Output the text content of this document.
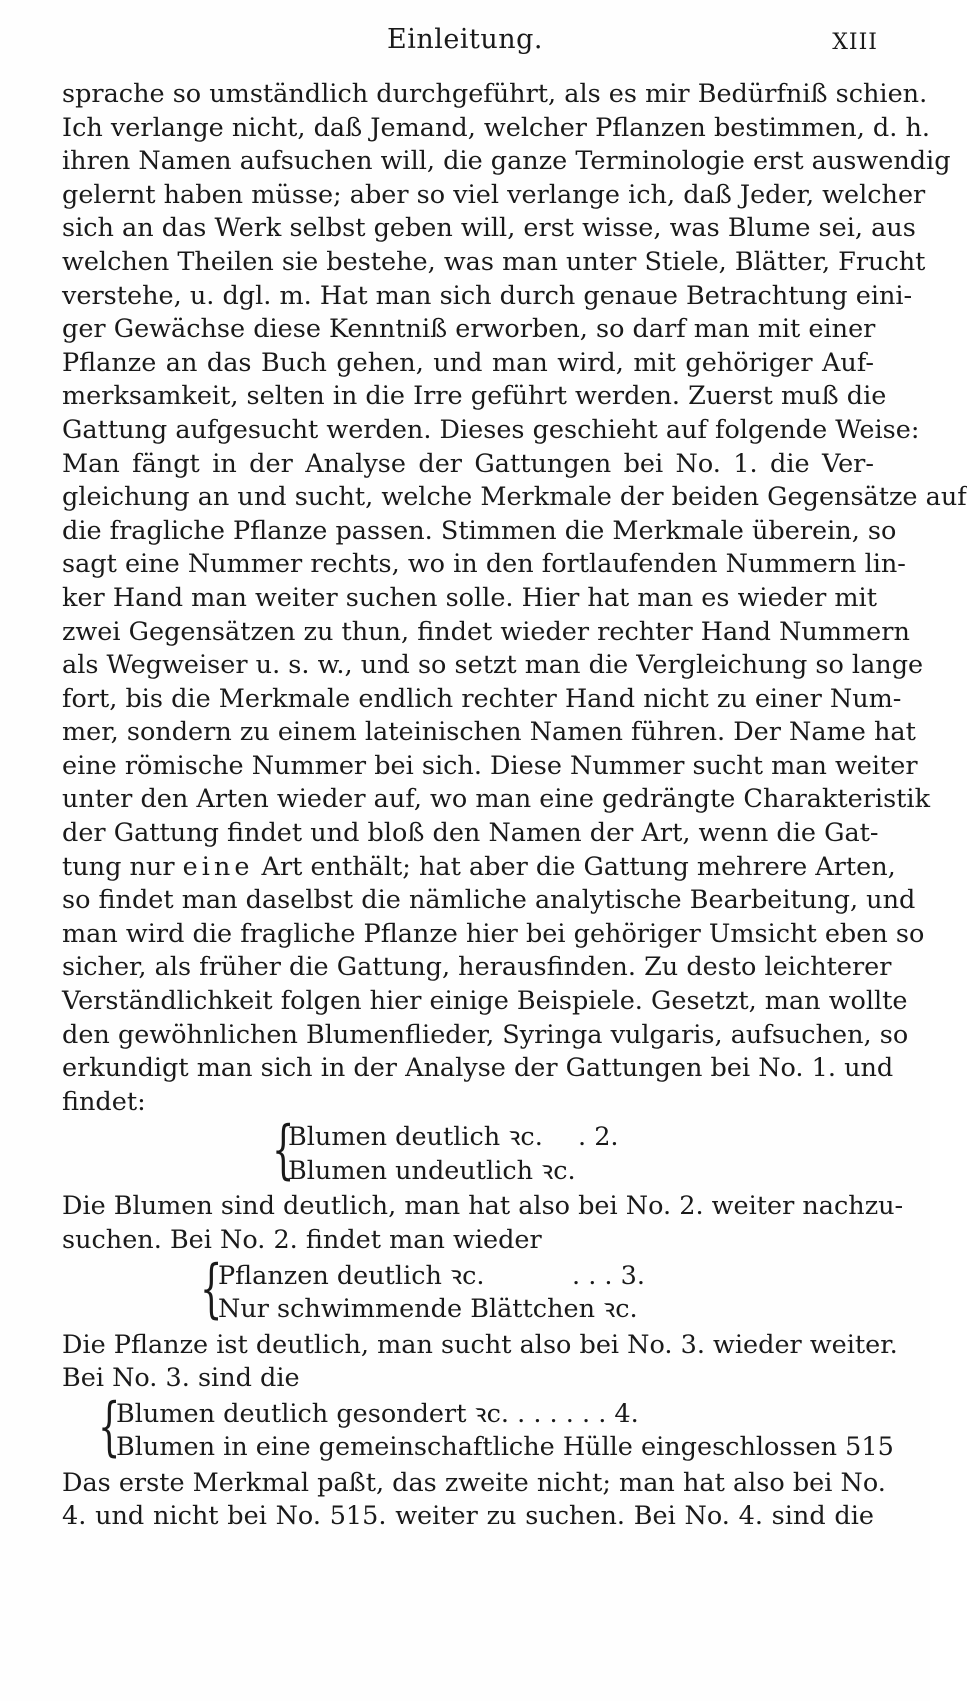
Einleitung.	XIII
sprache so umständlich durchgeführt, als es mir Bedürfniß schien.
Ich verlange nicht, daß Jemand, welcher Pflanzen bestimmen, d. h.
ihren Namen aufsuchen will, die ganze Terminologie erst auswendig
gelernt haben müsse; aber so viel verlange ich, daß Jeder, welcher
sich an das Werk selbst geben will, erst wisse, was Blume sei, aus
welchen Theilen sie bestehe, was man unter Stiele, Blätter, Frucht
verstehe, u. dgl. m. Hat man sich durch genaue Betrachtung eini-
ger Gewächse diese Kenntniß erworben, so darf man mit einer
Pflanze an das Buch gehen, und man wird, mit gehöriger Auf-
merksamkeit, selten in die Irre geführt werden. Zuerst muß die
Gattung aufgesucht werden. Dieses geschieht auf folgende Weise:
Man fängt in der Analyse der Gattungen bei No. 1. die Ver-
gleichung an und sucht, welche Merkmale der beiden Gegensätze auf
die fragliche Pflanze passen. Stimmen die Merkmale überein, so
sagt eine Nummer rechts, wo in den fortlaufenden Nummern lin-
ker Hand man weiter suchen solle. Hier hat man es wieder mit
zwei Gegensätzen zu thun, findet wieder rechter Hand Nummern
als Wegweiser u. s. w., und so setzt man die Vergleichung so lange
fort, bis die Merkmale endlich rechter Hand nicht zu einer Num-
mer, sondern zu einem lateinischen Namen führen. Der Name hat
eine römische Nummer bei sich. Diese Nummer sucht man weiter
unter den Arten wieder auf, wo man eine gedrängte Charakteristik
der Gattung findet und bloß den Namen der Art, wenn die Gat-
tung nur eine Art enthält; hat aber die Gattung mehrere Arten,
so findet man daselbst die nämliche analytische Bearbeitung, und
man wird die fragliche Pflanze hier bei gehöriger Umsicht eben so
sicher, als früher die Gattung, herausfinden. Zu desto leichterer
Verständlichkeit folgen hier einige Beispiele. Gesetzt, man wollte
den gewöhnlichen Blumenflieder, Syringa vulgaris, aufsuchen, so
erkundigt man sich in der Analyse der Gattungen bei No. 1. und
findet:
{
Blumen deutlich ꝛc. . 2.
Blumen undeutlich ꝛc.
Die Blumen sind deutlich, man hat also bei No. 2. weiter nachzu-
suchen. Bei No. 2. findet man wieder
{
Pflanzen deutlich ꝛc.	. . . 3.
Nur schwimmende Blättchen ꝛc.
Die Pflanze ist deutlich, man sucht also bei No. 3. wieder weiter.
Bei No. 3. sind die
{
Blumen deutlich gesondert ꝛc. . . . . . . 4.
Blumen in eine gemeinschaftliche Hülle eingeschlossen 515
Das erste Merkmal paßt, das zweite nicht; man hat also bei No.
4. und nicht bei No. 515. weiter zu suchen. Bei No. 4. sind die
